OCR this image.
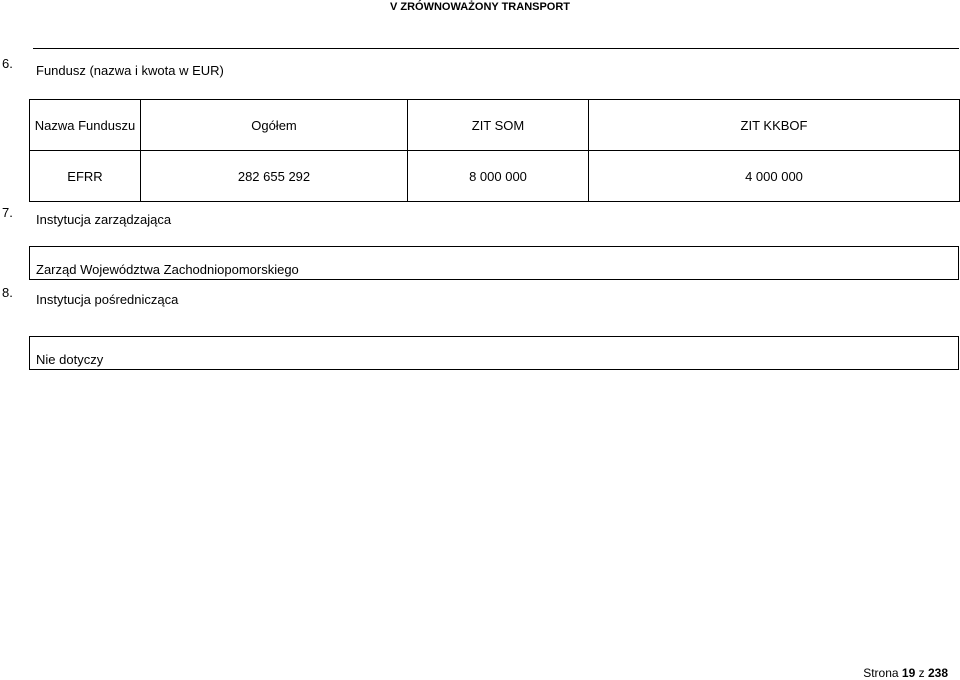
V ZRÓWNOWAŻONY TRANSPORT
6. Fundusz (nazwa i kwota w EUR)
Nazwa Funduszu	Ogółem	ZIT SOM	ZIT KKBOF
EFRR	282 655 292	8 000 000	4 000 000
7. Instytucja zarządzająca
Zarząd Województwa Zachodniopomorskiego
8. Instytucja pośrednicząca
Nie dotyczy
Strona 19 z 238
